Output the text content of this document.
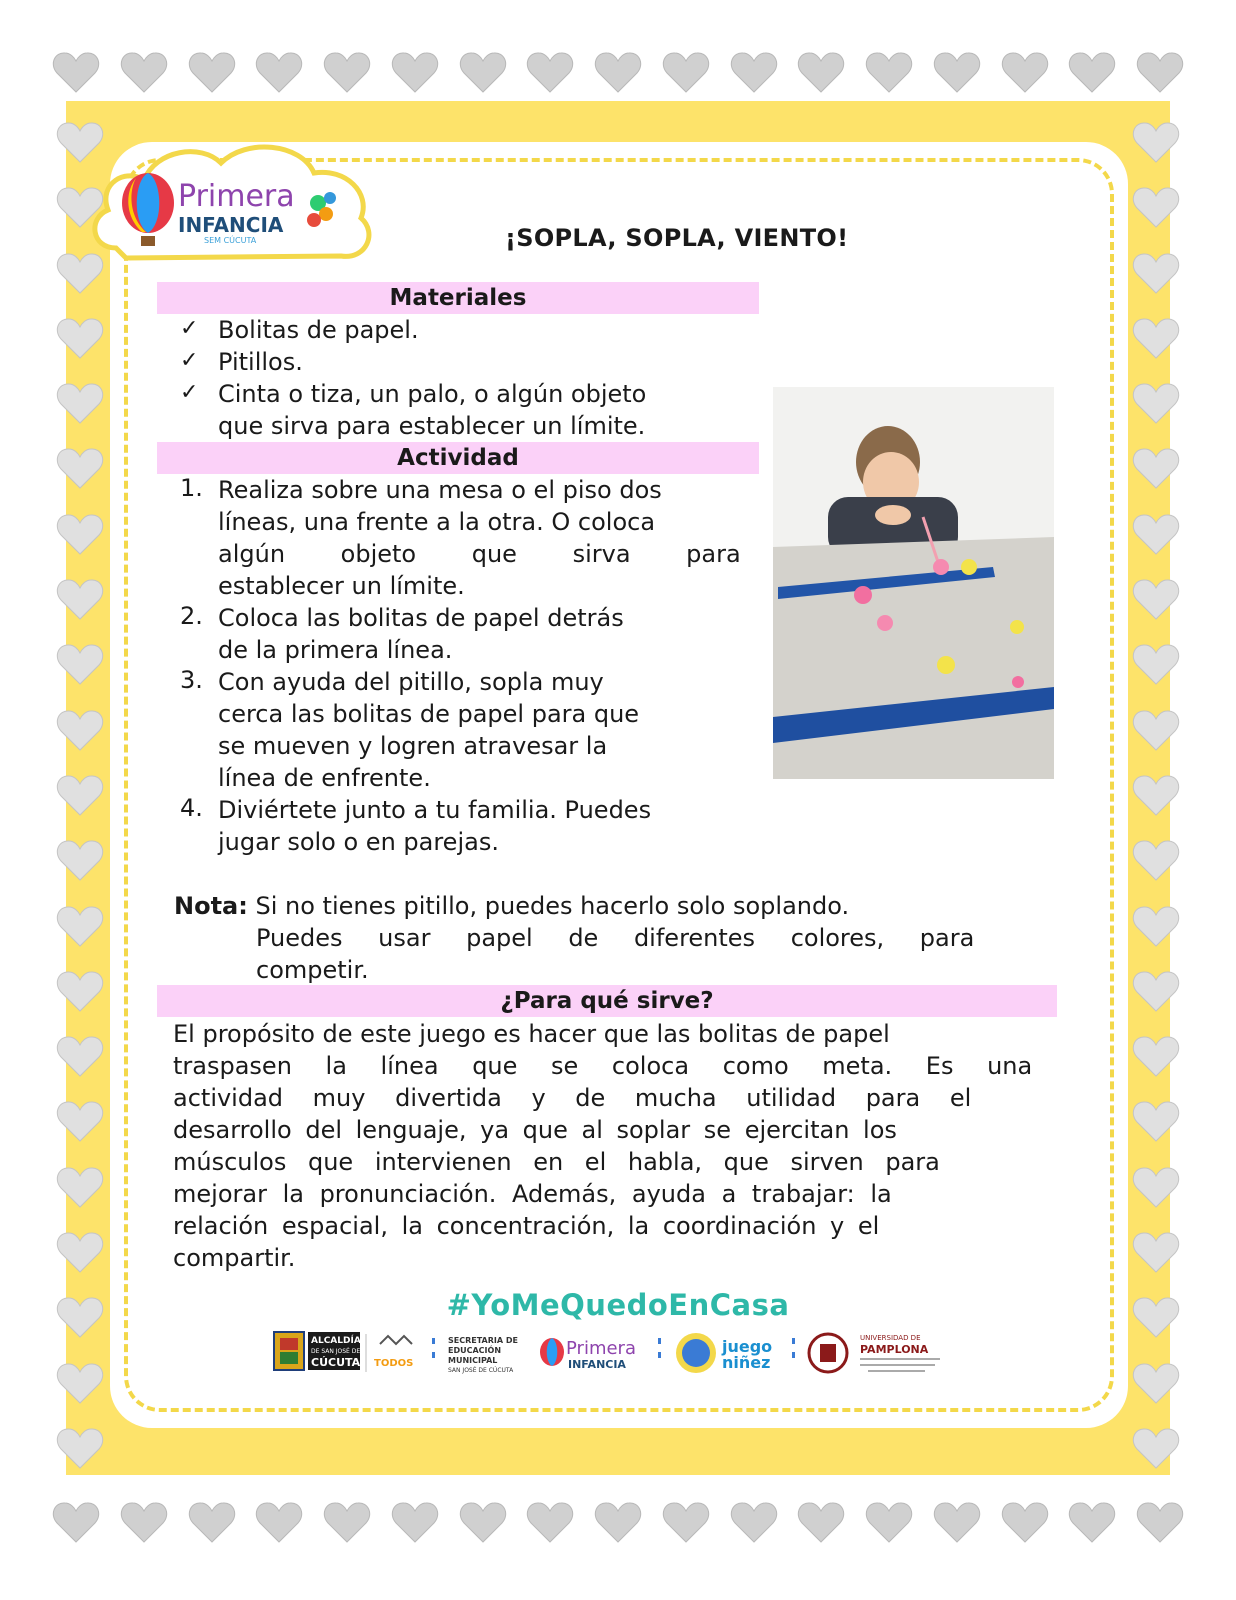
Primera
INFANCIA
SEM CÚCUTA	¡SOPLA, SOPLA, VIENTO!
Materiales
✓ Bolitas de papel.
✓ Pitillos.
✓ Cinta o tiza, un palo, o algún objeto
que sirva para establecer un límite.
Actividad
1. Realiza sobre una mesa o el piso dos
líneas, una frente a la otra. O coloca
algún objeto que sirva para
establecer un límite.
2. Coloca las bolitas de papel detrás
de la primera línea.
3. Con ayuda del pitillo, sopla muy
cerca las bolitas de papel para que
se mueven y logren atravesar la
línea de enfrente.
4. Diviértete junto a tu familia. Puedes
jugar solo o en parejas.
Nota: Si no tienes pitillo, puedes hacerlo solo soplando.
Puedes usar papel de diferentes colores, para
competir.
¿Para qué sirve?
El propósito de este juego es hacer que las bolitas de papel
traspasen la línea que se coloca como meta. Es una
actividad muy divertida y de mucha utilidad para el
desarrollo del lenguaje, ya que al soplar se ejercitan los
músculos que intervienen en el habla, que sirven para
mejorar la pronunciación. Además, ayuda a trabajar: la
relación espacial, la concentración, la coordinación y el
compartir.
#YoMeQuedoEnCasa
ALCALDÍA
DE SAN JOSÉ DE
CÚCUTA TODOS
SECRETARIA DE
EDUCACIÓN
MUNICIPAL
SAN JOSÉ DE CÚCUTA
Primera
INFANCIA
juego
niñez
UNIVERSIDAD DE
PAMPLONA
